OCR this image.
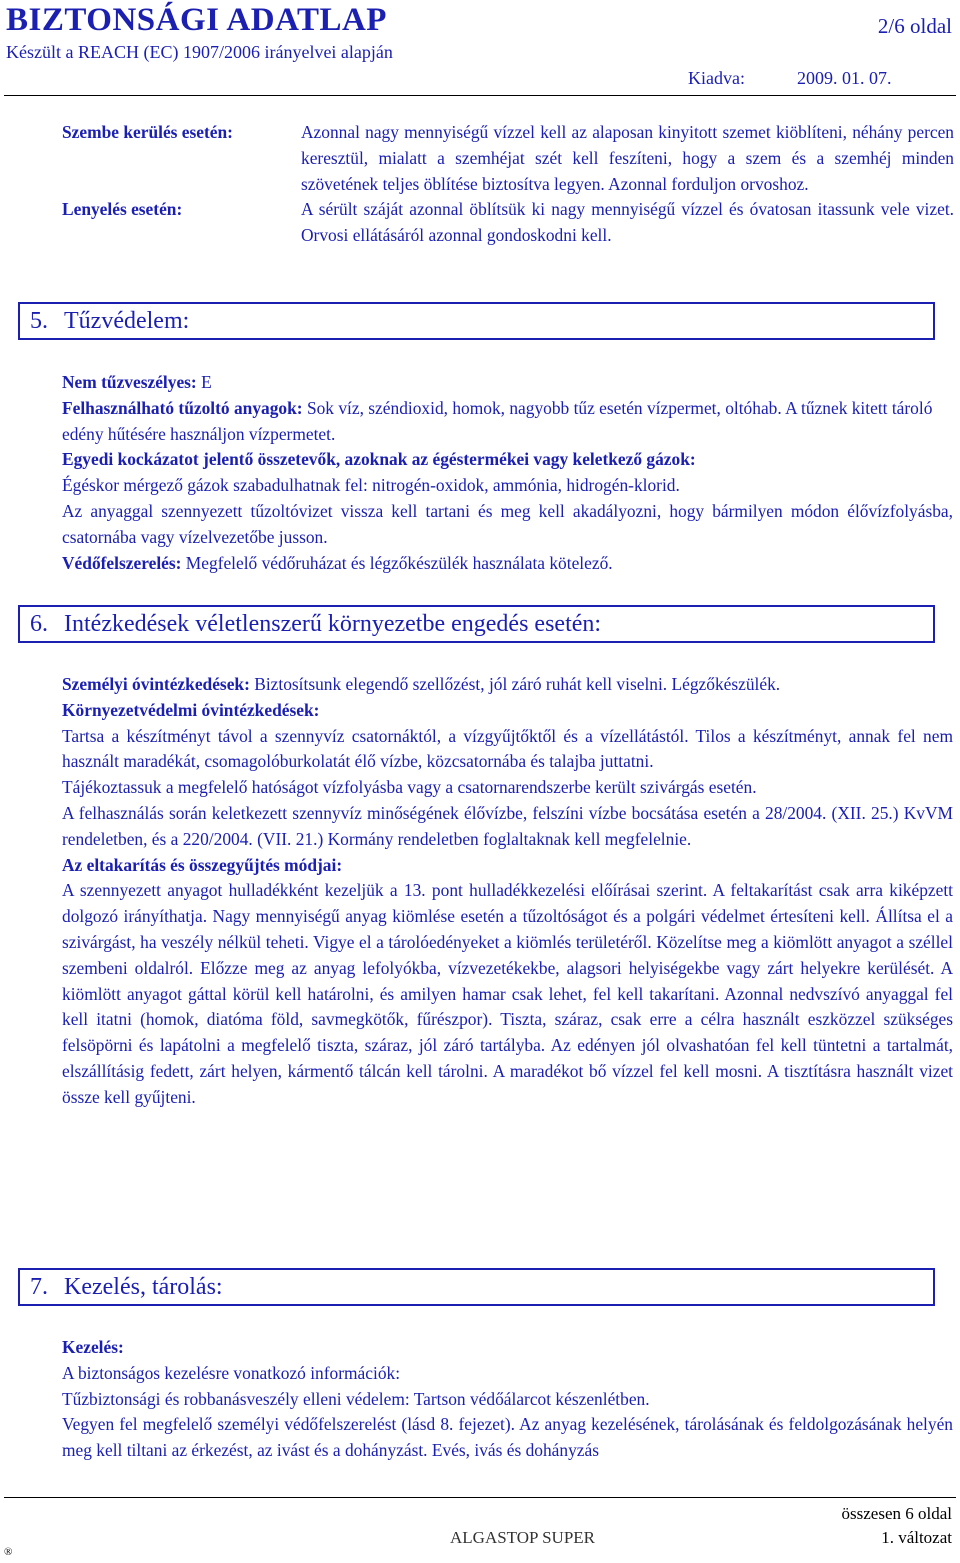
BIZTONSÁGI ADATLAP	2/6 oldal
Készült a REACH (EC) 1907/2006 irányelvei alapján
Kiadva:	2009. 01. 07.
Szembe kerülés esetén:	Azonnal nagy mennyiségű vízzel kell az alaposan kinyitott szemet kiöblíteni, néhány percen keresztül, mialatt a szemhéjat szét kell feszíteni, hogy a szem és a szemhéj minden szövetének teljes öblítése biztosítva legyen. Azonnal forduljon orvoshoz.
Lenyelés esetén:	A sérült száját azonnal öblítsük ki nagy mennyiségű vízzel és óvatosan itassunk vele vizet. Orvosi ellátásáról azonnal gondoskodni kell.
5. Tűzvédelem:
Nem tűzveszélyes: E
Felhasználható tűzoltó anyagok: Sok víz, széndioxid, homok, nagyobb tűz esetén vízpermet, oltóhab. A tűznek kitett tároló edény hűtésére használjon vízpermetet.
Egyedi kockázatot jelentő összetevők, azoknak az égéstermékei vagy keletkező gázok:
Égéskor mérgező gázok szabadulhatnak fel: nitrogén-oxidok, ammónia, hidrogén-klorid.
Az anyaggal szennyezett tűzoltóvizet vissza kell tartani és meg kell akadályozni, hogy bármilyen módon élővízfolyásba, csatornába vagy vízelvezetőbe jusson.
Védőfelszerelés: Megfelelő védőruházat és légzőkészülék használata kötelező.
6. Intézkedések véletlenszerű környezetbe engedés esetén:
Személyi óvintézkedések: Biztosítsunk elegendő szellőzést, jól záró ruhát kell viselni. Légzőkészülék.
Környezetvédelmi óvintézkedések:
Tartsa a készítményt távol a szennyvíz csatornáktól, a vízgyűjtőktől és a vízellátástól. Tilos a készítményt, annak fel nem használt maradékát, csomagolóburkolatát élő vízbe, közcsatornába és talajba juttatni.
Tájékoztassuk a megfelelő hatóságot vízfolyásba vagy a csatornarendszerbe került szivárgás esetén.
A felhasználás során keletkezett szennyvíz minőségének élővízbe, felszíni vízbe bocsátása esetén a 28/2004. (XII. 25.) KvVM rendeletben, és a 220/2004. (VII. 21.) Kormány rendeletben foglaltaknak kell megfelelnie.
Az eltakarítás és összegyűjtés módjai:
A szennyezett anyagot hulladékként kezeljük a 13. pont hulladékkezelési előírásai szerint. A feltakarítást csak arra kiképzett dolgozó irányíthatja. Nagy mennyiségű anyag kiömlése esetén a tűzoltóságot és a polgári védelmet értesíteni kell. Állítsa el a szivárgást, ha veszély nélkül teheti. Vigye el a tárolóedényeket a kiömlés területéről. Közelítse meg a kiömlött anyagot a széllel szembeni oldalról. Előzze meg az anyag lefolyókba, vízvezetékekbe, alagsori helyiségekbe vagy zárt helyekre kerülését. A kiömlött anyagot gáttal körül kell határolni, és amilyen hamar csak lehet, fel kell takarítani. Azonnal nedvszívó anyaggal fel kell itatni (homok, diatóma föld, savmegkötők, fűrészpor). Tiszta, száraz, csak erre a célra használt eszközzel szükséges felsöpörni és lapátolni a megfelelő tiszta, száraz, jól záró tartályba. Az edényen jól olvashatóan fel kell tüntetni a tartalmát, elszállításig fedett, zárt helyen, kármentő tálcán kell tárolni. A maradékot bő vízzel fel kell mosni. A tisztításra használt vizet össze kell gyűjteni.
7. Kezelés, tárolás:
Kezelés:
A biztonságos kezelésre vonatkozó információk:
Tűzbiztonsági és robbanásveszély elleni védelem: Tartson védőálarcot készenlétben.
Vegyen fel megfelelő személyi védőfelszerelést (lásd 8. fejezet). Az anyag kezelésének, tárolásának és feldolgozásának helyén meg kell tiltani az érkezést, az ivást és a dohányzást. Evés, ivás és dohányzás
összesen 6 oldal
ALGASTOP SUPER	1. változat
®
